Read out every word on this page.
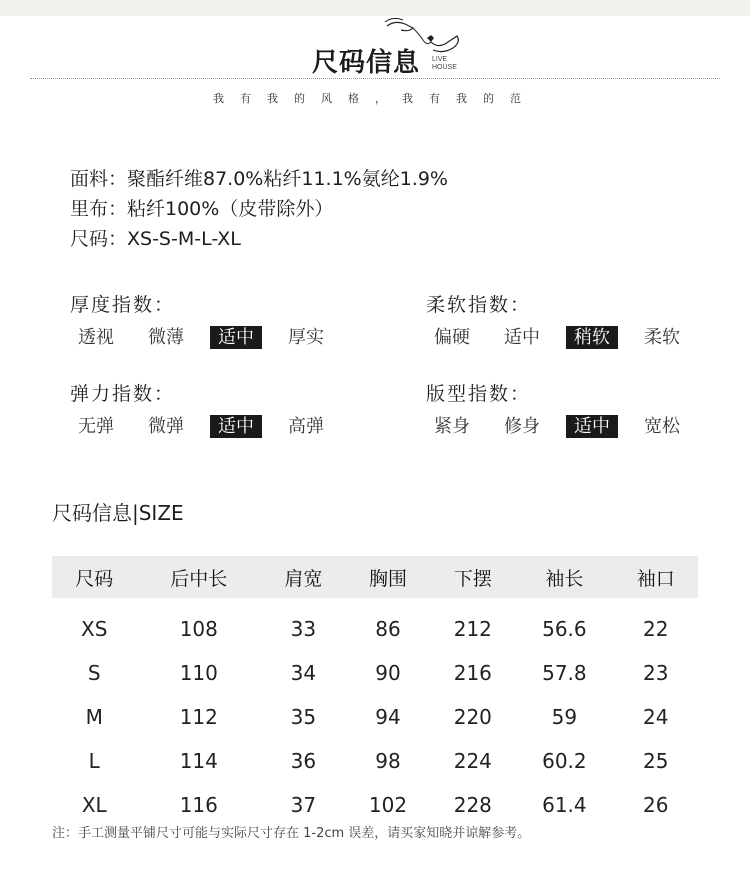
尺码信息 LIVE
HOUSE
我有我的风格，我有我的范
面料：聚酯纤维87.0%粘纤11.1%氨纶1.9%
里布：粘纤100%（皮带除外）
尺码：XS-S-M-L-XL
厚度指数：
透视	微薄	适中	厚实
柔软指数：
偏硬	适中	稍软	柔软
弹力指数：
无弹	微弹	适中	高弹
版型指数：
紧身	修身	适中	宽松
尺码信息|SIZE
尺码	后中长	肩宽	胸围	下摆	袖长	袖口
XS	108	33	86	212	56.6	22
S	110	34	90	216	57.8	23
M	112	35	94	220	59	24
L	114	36	98	224	60.2	25
XL	116	37	102	228	61.4	26
注：手工测量平铺尺寸可能与实际尺寸存在 1-2cm 误差，请买家知晓并谅解参考。
